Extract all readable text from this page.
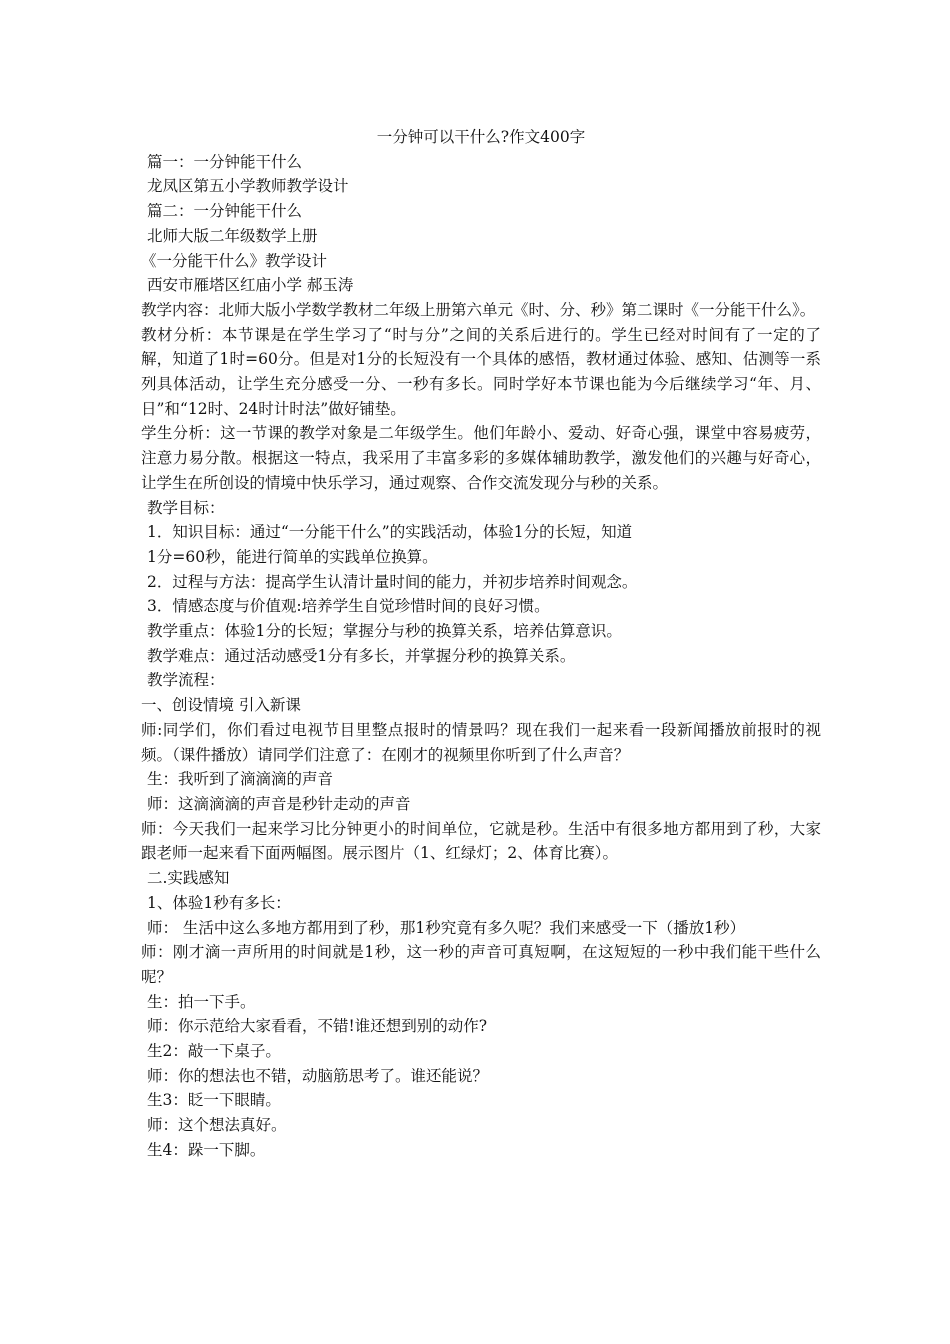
一分钟可以干什么?作文400字

篇一：一分钟能干什么

龙凤区第五小学教师教学设计

篇二：一分钟能干什么

北师大版二年级数学上册

《一分能干什么》教学设计

西安市雁塔区红庙小学 郝玉涛

教学内容：北师大版小学数学教材二年级上册第六单元《时、分、秒》第二课时《一分能干什么》。

教材分析：本节课是在学生学习了“时与分”之间的关系后进行的。学生已经对时间有了一定的了解，知道了1时=60分。但是对1分的长短没有一个具体的感悟，教材通过体验、感知、估测等一系列具体活动，让学生充分感受一分、一秒有多长。同时学好本节课也能为今后继续学习“年、月、日”和“12时、24时计时法”做好铺垫。

学生分析：这一节课的教学对象是二年级学生。他们年龄小、爱动、好奇心强，课堂中容易疲劳，注意力易分散。根据这一特点，我采用了丰富多彩的多媒体辅助教学，激发他们的兴趣与好奇心，让学生在所创设的情境中快乐学习，通过观察、合作交流发现分与秒的关系。

教学目标：

1．知识目标：通过“一分能干什么”的实践活动，体验1分的长短，知道

1分=60秒，能进行简单的实践单位换算。

2．过程与方法：提高学生认清计量时间的能力，并初步培养时间观念。

3．情感态度与价值观:培养学生自觉珍惜时间的良好习惯。

教学重点：体验1分的长短；掌握分与秒的换算关系，培养估算意识。

教学难点：通过活动感受1分有多长，并掌握分秒的换算关系。

教学流程：

一、创设情境 引入新课

师:同学们，你们看过电视节目里整点报时的情景吗？现在我们一起来看一段新闻播放前报时的视频。（课件播放）请同学们注意了：在刚才的视频里你听到了什么声音？

生：我听到了滴滴滴的声音

师：这滴滴滴的声音是秒针走动的声音

师：今天我们一起来学习比分钟更小的时间单位，它就是秒。生活中有很多地方都用到了秒，大家跟老师一起来看下面两幅图。展示图片（1、红绿灯；2、体育比赛）。

二.实践感知

1、体验1秒有多长：

师： 生活中这么多地方都用到了秒，那1秒究竟有多久呢？我们来感受一下（播放1秒）

师：刚才滴一声所用的时间就是1秒，这一秒的声音可真短啊，在这短短的一秒中我们能干些什么呢？

生：拍一下手。

师：你示范给大家看看，不错!谁还想到别的动作?

生2：敲一下桌子。

师：你的想法也不错，动脑筋思考了。谁还能说？

生3：眨一下眼睛。

师：这个想法真好。

生4：跺一下脚。
